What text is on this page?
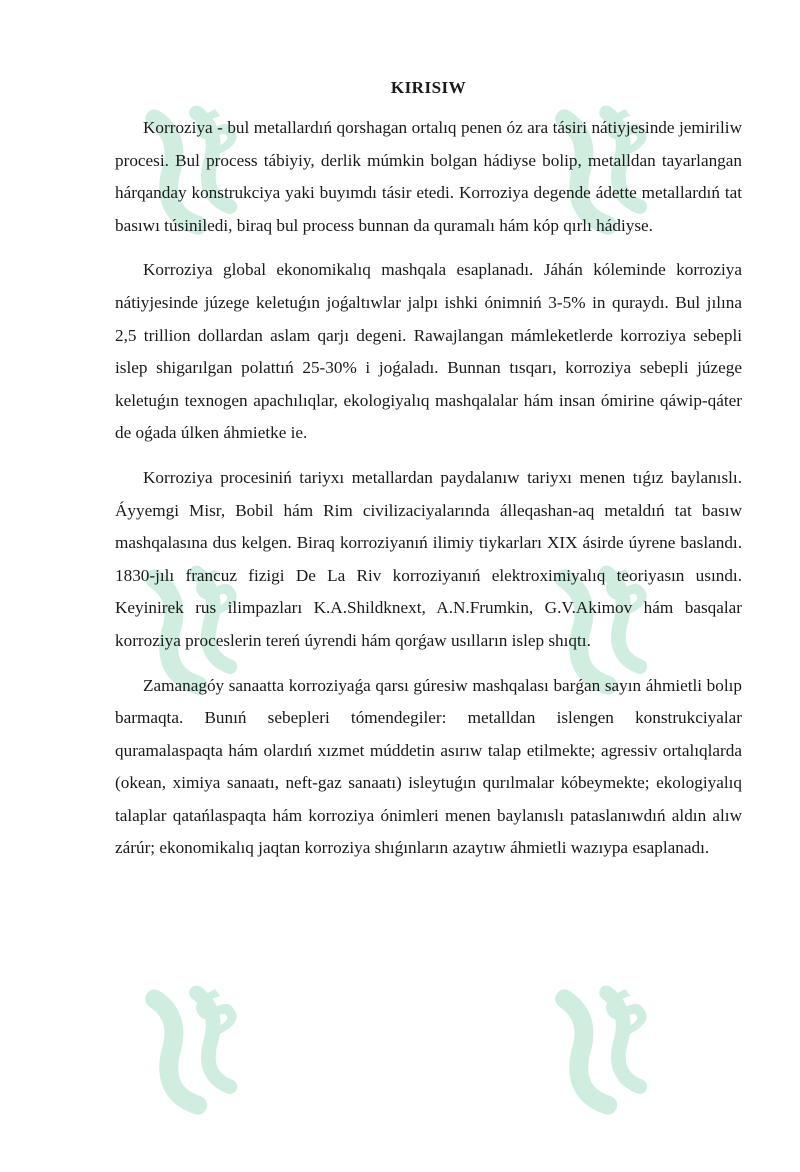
S	S
S	S
S	S
KIRISIW

Korroziya - bul metallardıń qorshagan ortalıq penen óz ara tásiri nátiyjesinde jemiriliw procesi. Bul process tábiyiy, derlik múmkin bolgan hádiyse bolip, metalldan tayarlangan hárqanday konstrukciya yaki buyımdı tásir etedi. Korroziya degende ádette metallardıń tat basıwı túsiniledi, biraq bul process bunnan da quramalı hám kóp qırlı hádiyse.

Korroziya global ekonomikalıq mashqala esaplanadı. Jáhán kóleminde korroziya nátiyjesinde júzege keletuǵın joǵaltıwlar jalpı ishki ónimniń 3-5% in quraydı. Bul jılına 2,5 trillion dollardan aslam qarjı degeni. Rawajlangan mámleketlerde korroziya sebepli islep shigarılgan polattıń 25-30% i joǵaladı. Bunnan tısqarı, korroziya sebepli júzege keletuǵın texnogen apachılıqlar, ekologiyalıq mashqalalar hám insan ómirine qáwip-qáter de oǵada úlken áhmietke ie.

Korroziya procesiniń tariyxı metallardan paydalanıw tariyxı menen tıǵız baylanıslı. Áyyemgi Misr, Bobil hám Rim civilizaciyalarında álleqashan-aq metaldıń tat basıw mashqalasına dus kelgen. Biraq korroziyanıń ilimiy tiykarları XIX ásirde úyrene baslandı. 1830-jılı francuz fizigi De La Riv korroziyanıń elektroximiyalıq teoriyasın usındı. Keyinirek rus ilimpazları K.A.Shildknext, A.N.Frumkin, G.V.Akimov hám basqalar korroziya proceslerin tereń úyrendi hám qorǵaw usılların islep shıqtı.

Zamanagóy sanaatta korroziyaǵa qarsı gúresiw mashqalası barǵan sayın áhmietli bolıp barmaqta. Bunıń sebepleri tómendegiler: metalldan islengen konstrukciyalar quramalaspaqta hám olardıń xızmet múddetin asırıw talap etilmekte; agressiv ortalıqlarda (okean, ximiya sanaatı, neft-gaz sanaatı) isleytuǵın qurılmalar kóbeymekte; ekologiyalıq talaplar qatańlaspaqta hám korroziya ónimleri menen baylanıslı pataslanıwdıń aldın alıw zárúr; ekonomikalıq jaqtan korroziya shıǵınların azaytıw áhmietli wazıypa esaplanadı.
